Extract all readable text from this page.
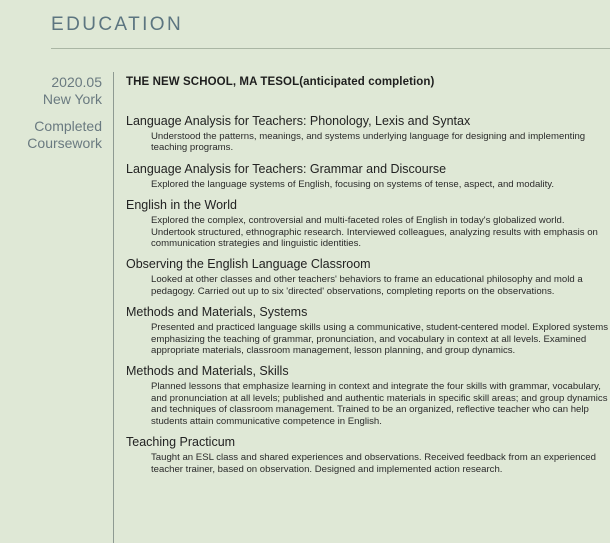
EDUCATION
2020.05
New York
Completed
Coursework
THE NEW SCHOOL, MA TESOL(anticipated completion)
Language Analysis for Teachers: Phonology, Lexis and Syntax
Understood the patterns, meanings, and systems underlying language for designing and implementing teaching programs.
Language Analysis for Teachers: Grammar and Discourse
Explored the language systems of English, focusing on systems of tense, aspect, and modality.
English in the World
Explored the complex, controversial and multi-faceted roles of English in today's globalized world. Undertook structured, ethnographic research. Interviewed colleagues, analyzing results with emphasis on communication strategies and linguistic identities.
Observing the English Language Classroom
Looked at other classes and other teachers' behaviors to frame an educational philosophy and mold a pedagogy. Carried out up to six 'directed' observations, completing reports on the observations.
Methods and Materials, Systems
Presented and practiced language skills using a communicative, student-centered model. Explored systems emphasizing the teaching of grammar, pronunciation, and vocabulary in context at all levels. Examined appropriate materials, classroom management, lesson planning, and group dynamics.
Methods and Materials, Skills
Planned lessons that emphasize learning in context and integrate the four skills with grammar, vocabulary, and pronunciation at all levels; published and authentic materials in specific skill areas; and group dynamics and techniques of classroom management. Trained to be an organized, reflective teacher who can help students attain communicative competence in English.
Teaching Practicum
Taught an ESL class and shared experiences and observations. Received feedback from an experienced teacher trainer, based on observation. Designed and implemented action research.
